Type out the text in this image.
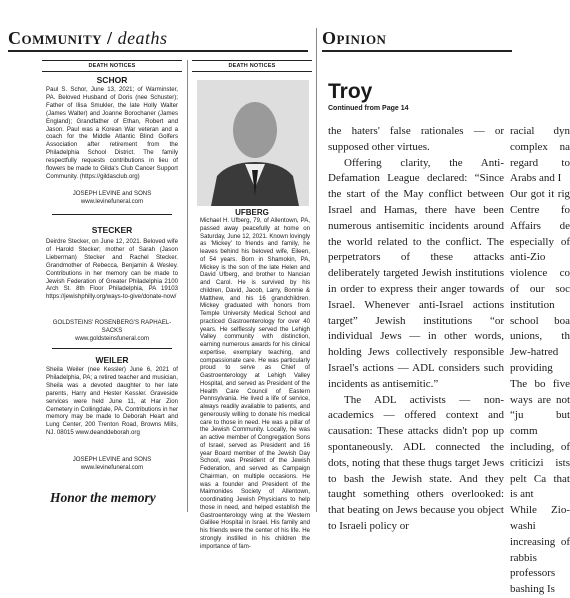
Community / deaths	Opinion
DEATH NOTICES
SCHOR

Paul S. Schor, June 13, 2021; of Warminster, PA. Beloved Husband of Doris (nee Schuster); Father of Ilisa Smukler, the late Holly Walter (James Walter) and Joanne Borochaner (James England); Grandfather of Ethan, Robert and Jason. Paul was a Korean War veteran and a coach for the Middle Atlantic Blind Golfers Association after retirement from the Philadelphia School District. The family respectfully requests contributions in lieu of flowers be made to Gilda's Club Cancer Support Community. (https://gildasclub.org)

JOSEPH LEVINE and SONS

www.levinefuneral.com

STECKER

Deirdre Stecker, on June 12, 2021. Beloved wife of Harold Stecker; mother of Sarah (Jason Lieberman) Stecker and Rachel Stecker. Grandmother of Rebecca, Benjamin & Wesley. Contributions in her memory can be made to Jewish Federation of Greater Philadelphia 2100 Arch St. 8th Floor Philadelphia, PA 19103 https://jewishphilly.org/ways-to-give/donate-now/

GOLDSTEINS' ROSENBERG'S RAPHAEL-SACKS

www.goldsteinsfuneral.com

WEILER

Sheila Weiler (nee Kessler) June 6, 2021 of Philadelphia, PA; a retired teacher and musician, Sheila was a devoted daughter to her late parents, Harry and Hester Kessler. Graveside services were held June 11, at Har Zion Cemetery in Collingdale, PA. Contributions in her memory may be made to Deborah Heart and Lung Center, 200 Trenton Road, Browns Mills, NJ. 08015 www.deanddeborah.org

JOSEPH LEVINE and SONS

www.levinefuneral.com

Honor the memory
DEATH NOTICES
UFBERG

Michael H. Ufberg, 79, of Allentown, PA, passed away peacefully at home on Saturday, June 12, 2021. Known lovingly as 'Mickey' to friends and family, he leaves behind his beloved wife, Eileen, of 54 years. Born in Shamokin, PA, Mickey is the son of the late Helen and David Ufberg, and brother to Nancian and Carol. He is survived by his children, David, Jacob, Larry, Bonnie & Matthew, and his 16 grandchildren. Mickey graduated with honors from Temple University Medical School and practiced Gastroenterology for over 40 years. He selflessly served the Lehigh Valley community with distinction, earning numerous awards for his clinical expertise, exemplary teaching, and compassionate care. He was particularly proud to serve as Chief of Gastroenterology at Lehigh Valley Hospital, and served as President of the Health Care Council of Eastern Pennsylvania. He lived a life of service, always readily available to patients, and generously willing to donate his medical care to those in need. He was a pillar of the Jewish Community. Locally, he was an active member of Congregation Sons of Israel, served as President and 16 year Board member of the Jewish Day School, was President of the Jewish Federation, and served as Campaign Chairman, on multiple occasions. He was a founder and President of the Maimonides Society of Allentown, coordinating Jewish Physicians to help those in need, and helped establish the Gastroenterology wing at the Western Galilee Hospital in Israel. His family and his friends were the center of his life. He strongly instilled in his children the importance of fam-

Troy
Continued from Page 14

the haters' false rationales — or supposed other virtues.

Offering clarity, the Anti-Defamation League declared: “Since the start of the May conflict between Israel and Hamas, there have been numerous antisemitic incidents around the world related to the conflict. The perpetrators of these attacks deliberately targeted Jewish institutions in order to express their anger towards Israel. Whenever anti-Israel actions target” Jewish institutions “or individual Jews — in other words, holding Jews collectively responsible Israel's actions — ADL considers such incidents as antisemitic.”

The ADL activists — non-academics — offered context and causation: These attacks didn't pop up spontaneously. ADL connected the dots, noting that these thugs target Jews to bash the Jewish state. And they taught something others overlooked: that beating on Jews because you object to Israeli policy or

racial dyn complex na regard to Arabs and I

Our got it rig Centre fo Affairs de especially of anti-Zio violence co of our soc institution school boa unions, th Jew-hatred providing

The bo five ways are not “ju but comm including, of criticizi ists pelt Ca that is ant

While Zio-washi increasing of rabbis professors bashing Is
